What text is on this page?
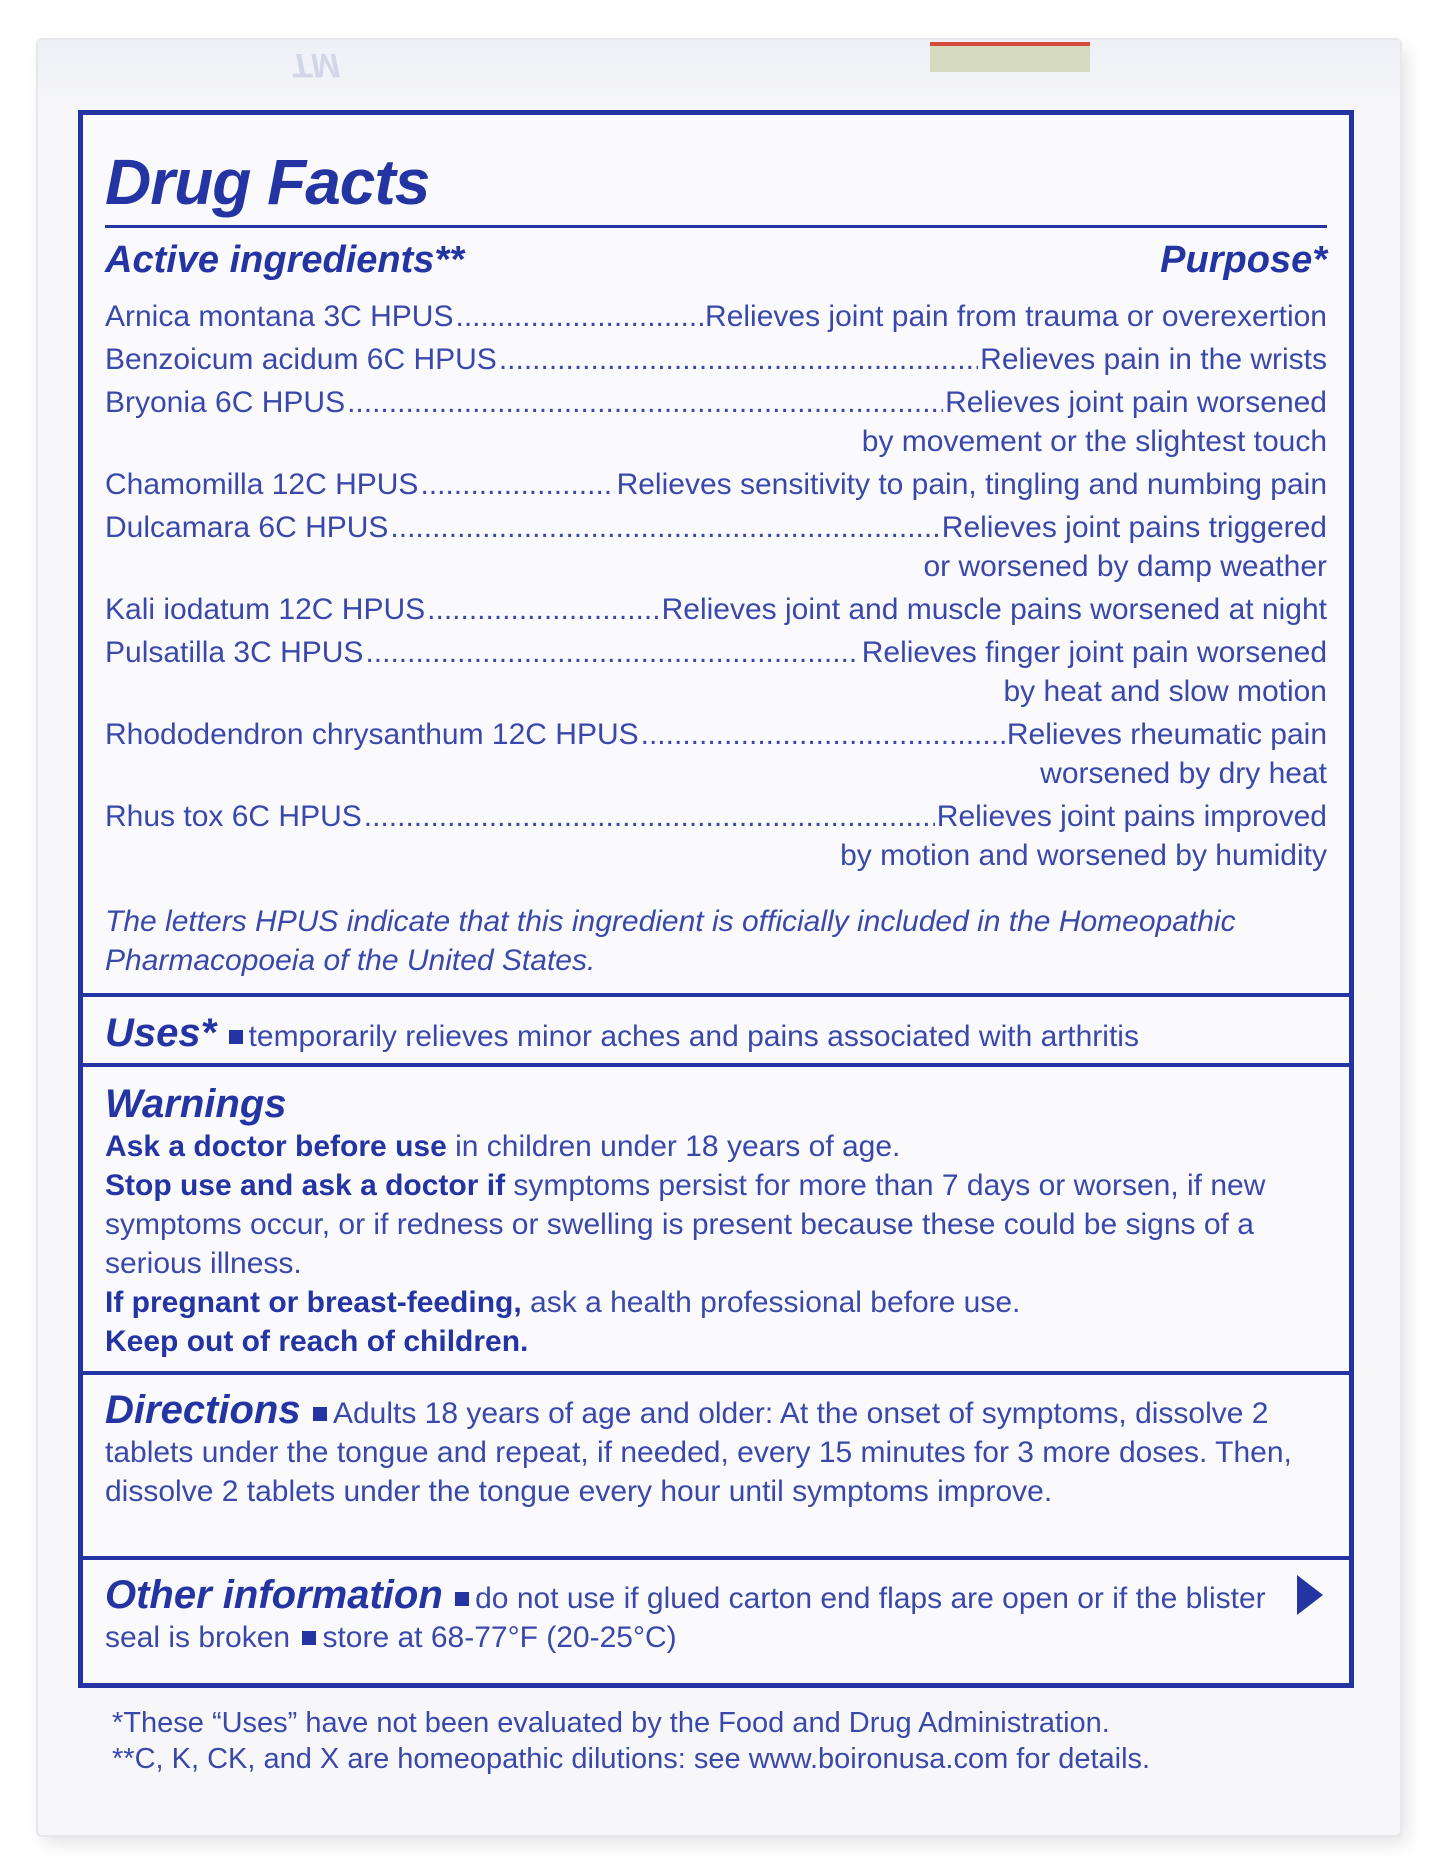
TM
Drug Facts
Active ingredients**	Purpose*
Arnica montana 3C HPUS .....	Relieves joint pain from trauma or overexertion
Benzoicum acidum 6C HPUS .....	Relieves pain in the wrists
Bryonia 6C HPUS .....	Relieves joint pain worsened
by movement or the slightest touch
Chamomilla 12C HPUS .....	Relieves sensitivity to pain, tingling and numbing pain
Dulcamara 6C HPUS .....	Relieves joint pains triggered
or worsened by damp weather
Kali iodatum 12C HPUS .....	Relieves joint and muscle pains worsened at night
Pulsatilla 3C HPUS .....	Relieves finger joint pain worsened
by heat and slow motion
Rhododendron chrysanthum 12C HPUS .....	Relieves rheumatic pain
worsened by dry heat
Rhus tox 6C HPUS .....	Relieves joint pains improved
by motion and worsened by humidity
The letters HPUS indicate that this ingredient is officially included in the Homeopathic Pharmacopoeia of the United States.
Uses* temporarily relieves minor aches and pains associated with arthritis
Warnings
Ask a doctor before use in children under 18 years of age.
Stop use and ask a doctor if symptoms persist for more than 7 days or worsen, if new symptoms occur, or if redness or swelling is present because these could be signs of a serious illness.
If pregnant or breast-feeding, ask a health professional before use.
Keep out of reach of children.
Directions Adults 18 years of age and older: At the onset of symptoms, dissolve 2 tablets under the tongue and repeat, if needed, every 15 minutes for 3 more doses. Then, dissolve 2 tablets under the tongue every hour until symptoms improve.
Other information do not use if glued carton end flaps are open or if the blister seal is broken store at 68-77°F (20-25°C)
*These “Uses” have not been evaluated by the Food and Drug Administration.
**C, K, CK, and X are homeopathic dilutions: see www.boironusa.com for details.
